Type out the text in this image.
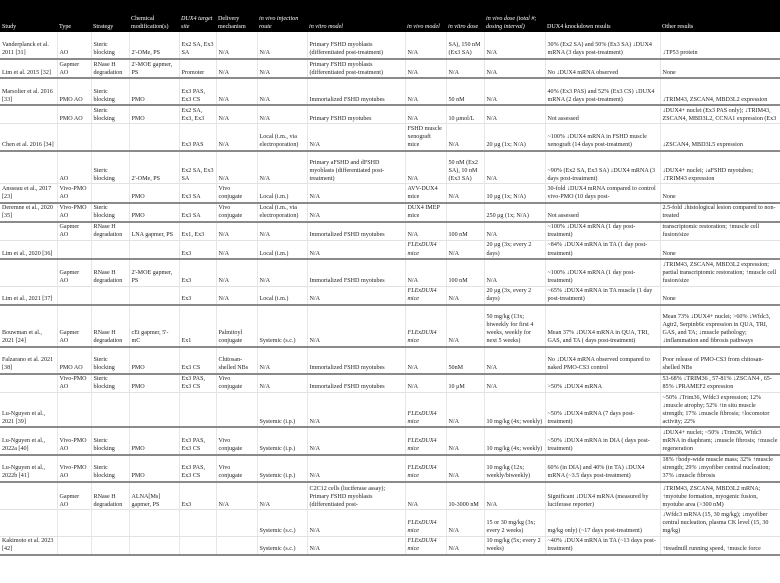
Study	Type	Strategy	Chemical modification(s)	DUX4 target site	Delivery mechanism	in vivo injection route	in vitro model	in vivo model	in vitro dose	in vivo dose (total #; dosing interval)	DUX4 knockdown results	Other results
Vanderplanck et al. 2011 [31]	AO	Steric blocking	2'-OMe, PS	Ex2 SA, Ex3 SA	N/A	N/A	Primary FSHD myoblasts (differentiated post-treatment)	N/A	SA), 150 nM (Ex3 SA)	N/A	30% (Ex2 SA) and 50% (Ex3 SA) ↓DUX4 mRNA (3 days post-treatment)	↓TP53 protein
Lim et al. 2015 [32]	Gapmer AO	RNase H degradation	2'-MOE gapmer, PS	Promoter	N/A	N/A	Primary FSHD myoblasts (differentiated post-treatment)	N/A	N/A	N/A	No ↓DUX4 mRNA observed	None
Marsolier et al. 2016 [33]	PMO AO	Steric blocking	PMO	Ex3 PAS, Ex3 CS	N/A	N/A	Immortalized FSHD myotubes	N/A	50 nM	N/A	40% (Ex3 PAS) and 52% (Ex3 CS) ↓DUX4 mRNA (2 days post-treatment)	↓TRIM43, ZSCAN4, MBD3L2 expression
	PMO AO	Steric blocking	PMO	Ex2 SA, Ex3, Ex3	N/A	N/A	Primary FSHD myotubes	N/A	10 μmol/L	N/A	Not assessed	↓DUX4+ nuclei (Ex3 PAS only); ↓TRIM43, ZSCAN4, MBD3L2, CCNA1 expression (Ex3
Chen et al. 2016 [34]				Ex3 PAS	N/A	Local (i.m., via electroporation)	N/A	FSHD muscle xenograft mice	N/A	20 μg (1x; N/A)	~100% ↓DUX4 mRNA in FSHD muscle xenograft (14 days post-treatment)	↓ZSCAN4, MBD3L5 expression
	AO	Steric blocking	2'-OMe, PS	Ex2 SA, Ex3 SA	N/A	N/A	Primary aFSHD and dFSHD myoblasts (differentiated post-treatment)	N/A	50 nM (Ex2 SA), 10 nM (Ex3 SA)	N/A	~90% (Ex2 SA, Ex3 SA) ↓DUX4 mRNA (3 days post-treatment)	↓DUX4+ nuclei; ↓aFSHD myotubes; ↓TRIM43 expression
Ansseau et al., 2017 [23]	Vivo-PMO AO		PMO	Ex3 SA	Vivo conjugate	Local (i.m.)	N/A	AVV-DUX4 mice	N/A	10 μg (1x; N/A)	30-fold ↓DUX4 mRNA compared to control vivo-PMO (10 days post-	None
Deremne et al., 2020 [35]	Vivo-PMO AO	Steric blocking	PMO	Ex3 SA	Vivo conjugate	Local (i.m., via electroporation)	N/A	DUX4 IMEP mice		250 μg (1x; N/A)	Not assessed	2.5-fold ↓histological lesion compared to non-treated
	Gapmer AO	RNase H degradation	LNA gapmer, PS	Ex1, Ex3	N/A	N/A	Immortalized FSHD myotubes	N/A	100 nM	N/A	~100% ↓DUX4 mRNA (1 day post-treatment)	transcriptomic restoration; ↑muscle cell fusion/size
Lim et al., 2020 [36]				Ex3	N/A	Local (i.m.)	N/A	FLExDUX4 mice	N/A	20 μg (3x; every 2 days)	~84% ↓DUX4 mRNA in TA (1 day post-treatment)	None
	Gapmer AO	RNase H degradation	2'-MOE gapmer, PS	Ex3	N/A	N/A	Immortalized FSHD myotubes	N/A	100 nM	N/A	~100% ↓DUX4 mRNA (1 day post-treatment)	↓TRIM43, ZSCAN4, MBD3L2 expression; partial transcriptomic restoration; ↑muscle cell fusion/size
Lim et al., 2021 [37]				Ex3	N/A	Local (i.m.)	N/A	FLExDUX4 mice	N/A	20 μg (3x, every 2 days)	~65% ↓DUX4 mRNA in TA muscle (1 day post-treatment)	None
Bouwman et al., 2021 [24]	Gapmer AO	RNase H degradation	cEt gapmer, 5'-mC	Ex1	Palmitoyl conjugate	Systemic (s.c.)	N/A	FLExDUX4 mice	N/A	50 mg/kg (13x; biweekly for first 4 weeks, weekly for next 5 weeks)	Mean 37% ↓DUX4 mRNA in QUA, TRI, GAS, and TA ( days post-treatment)	Mean 73% ↓DUX4+ nuclei; >60% ↓Wfdc3, Agtr2, Serpinb6c expression in QUA, TRI, GAS, and TA; ↓muscle pathology; ↓inflammation and fibrosis pathways
Falzarano et al. 2021 [38]	PMO AO	Steric blocking	PMO	Ex3 CS	Chitosan-shelled NBs	N/A	Immortalized FSHD myotubes	N/A	50nM	N/A	No ↓DUX4 mRNA observed compared to naked PMO-CS3 control	Poor release of PMO-CS3 from chitosan-shelled NBs
	Vivo-PMO AO	Steric blocking	PMO	Ex3 PAS, Ex3 CS	Vivo conjugate	N/A	Immortalized FSHD myotubes	N/A	10 μM	N/A	>50% ↓DUX4 mRNA	53-68% ↓TRIM36 , 57-81% ↓ZSCAN4 , 65-85% ↓PRAMEF2 expression
Lu-Nguyen et al., 2021 [39]						Systemic (i.p.)	N/A	FLExDUX4 mice	N/A	10 mg/kg (4x; weekly)	~50% ↓DUX4 mRNA (7 days post-treatment)	~50% ↓Trim36, Wfdc3 expression; 12% ↓muscle atrophy; 52% ↑in situ muscle strength; 17% ↓muscle fibrosis; ↑locomotor activity; 22%
Lu-Nguyen et al., 2022a [40]	Vivo-PMO AO	Steric blocking	PMO	Ex3 PAS, Ex3 CS	Vivo conjugate	Systemic (i.p.)	N/A	FLExDUX4 mice	N/A	10 mg/kg (4x; weekly)	~50% ↓DUX4 mRNA in DIA ( days post-treatment)	↓DUX4+ nuclei; ~50% ↓Trim36, Wfdc3 mRNA in diaphram; ↓muscle fibrosis; ↑muscle regeneration
Lu-Nguyen et al., 2022b [41]	Vivo-PMO AO	Steric blocking	PMO	Ex3 PAS, Ex3 CS	Vivo conjugate	Systemic (i.p.)	N/A	FLExDUX4 mice	N/A	10 mg/kg (12x; weekly/biweekly)	60% (in DIA) and 40% (in TA) ↓DUX4 mRNA (~3.5 days post-treatment)	18% ↑body-wide muscle mass; 32% ↑muscle strength; 29% ↓myofiber central nucleation; 37% ↓muscle fibrosis
	Gapmer AO	RNase H degradation	ALNA[Ms] gapmer, PS	Ex3	N/A	N/A	C2C12 cells (luciferase assay); Primary FSHD myoblasts (differentiated post-	N/A	10-3000 nM	N/A	Significant ↓DUX4 mRNA (measured by luciferase reporter)	↓TRIM43, ZSCAN4, MBD3L2 mRNA; ↑myotube formation, myogenic fusion, myotube area (>300 nM)
						Systemic (s.c.)	N/A	FLExDUX4 mice	N/A	15 or 30 mg/kg (3x; every 2 weeks)	mg/kg only) (~17 days post-treatment)	↓Wfdc3 mRNA (15, 30 mg/kg); ↓myofiber central nucleation, plasma CK level (15, 30 mg/kg)
Kakimoto et al. 2023 [42]						Systemic (s.c.)	N/A	FLExDUX4 mice	N/A	10 mg/kg (5x; every 2 weeks)	~40% ↓DUX4 mRNA in TA (~13 days post-treatment)	↑treadmill running speed, ↑muscle force
